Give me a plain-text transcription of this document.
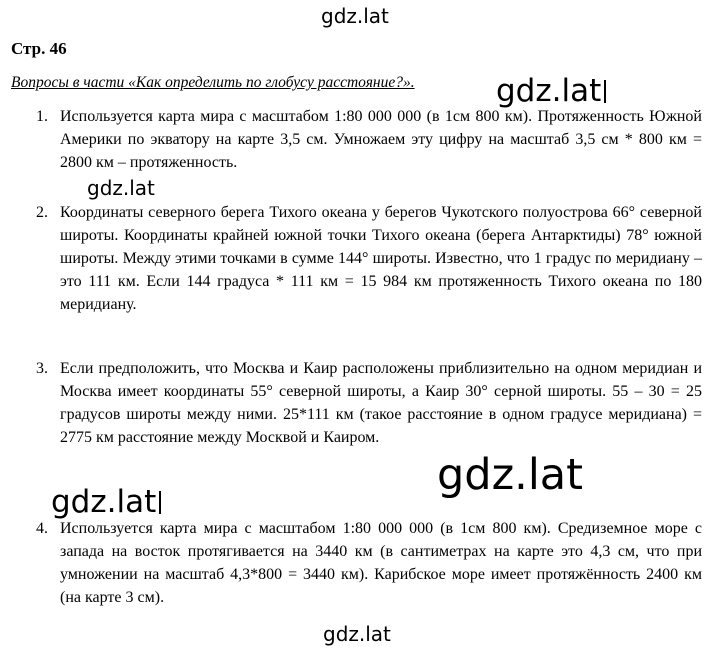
gdz.lat
Стр. 46
Вопросы в части «Как определить по глобусу расстояние?».	gdz.lat
1. Используется карта мира с масштабом 1:80 000 000 (в 1см 800 км). Протяженность Южной Америки по экватору на карте 3,5 см. Умножаем эту цифру на масштаб 3,5 см * 800 км = 2800 км – протяженность.
gdz.lat
2. Координаты северного берега Тихого океана у берегов Чукотского полуострова 66° северной широты. Координаты крайней южной точки Тихого океана (берега Антарктиды) 78° южной широты. Между этими точками в сумме 144° широты. Известно, что 1 градус по меридиану – это 111 км. Если 144 градуса * 111 км = 15 984 км протяженность Тихого океана по 180 меридиану.
3. Если предположить, что Москва и Каир расположены приблизительно на одном меридиан и Москва имеет координаты 55° северной широты, а Каир 30° серной широты. 55 – 30 = 25 градусов широты между ними. 25*111 км (такое расстояние в одном градусе меридиана) = 2775 км расстояние между Москвой и Каиром.
gdz.lat
gdz.lat
4. Используется карта мира с масштабом 1:80 000 000 (в 1см 800 км). Средиземное море с запада на восток протягивается на 3440 км (в сантиметрах на карте это 4,3 см, что при умножении на масштаб 4,3*800 = 3440 км). Карибское море имеет протяжённость 2400 км (на карте 3 см).
gdz.lat
